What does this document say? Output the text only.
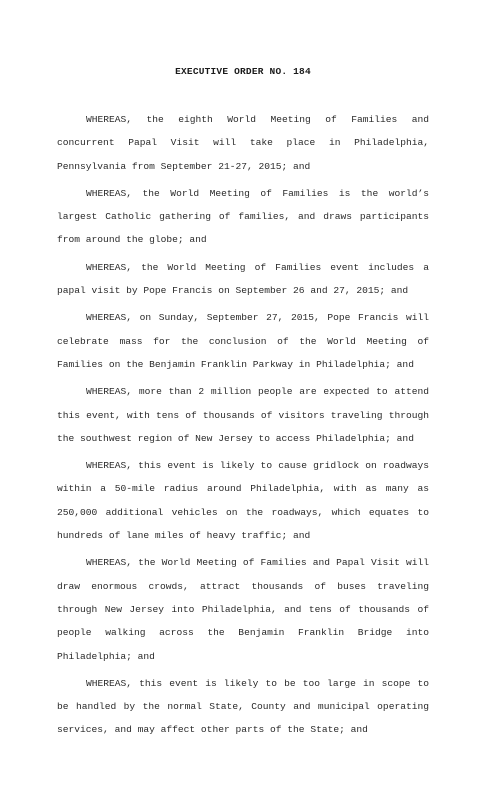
EXECUTIVE ORDER NO. 184

WHEREAS, the eighth World Meeting of Families and concurrent Papal Visit will take place in Philadelphia, Pennsylvania from September 21-27, 2015; and

WHEREAS, the World Meeting of Families is the world’s largest Catholic gathering of families, and draws participants from around the globe; and

WHEREAS, the World Meeting of Families event includes a papal visit by Pope Francis on September 26 and 27, 2015; and

WHEREAS, on Sunday, September 27, 2015, Pope Francis will celebrate mass for the conclusion of the World Meeting of Families on the Benjamin Franklin Parkway in Philadelphia; and

WHEREAS, more than 2 million people are expected to attend this event, with tens of thousands of visitors traveling through the southwest region of New Jersey to access Philadelphia; and

WHEREAS, this event is likely to cause gridlock on roadways within a 50-mile radius around Philadelphia, with as many as 250,000 additional vehicles on the roadways, which equates to hundreds of lane miles of heavy traffic; and

WHEREAS, the World Meeting of Families and Papal Visit will draw enormous crowds, attract thousands of buses traveling through New Jersey into Philadelphia, and tens of thousands of people walking across the Benjamin Franklin Bridge into Philadelphia; and

WHEREAS, this event is likely to be too large in scope to be handled by the normal State, County and municipal operating services, and may affect other parts of the State; and
